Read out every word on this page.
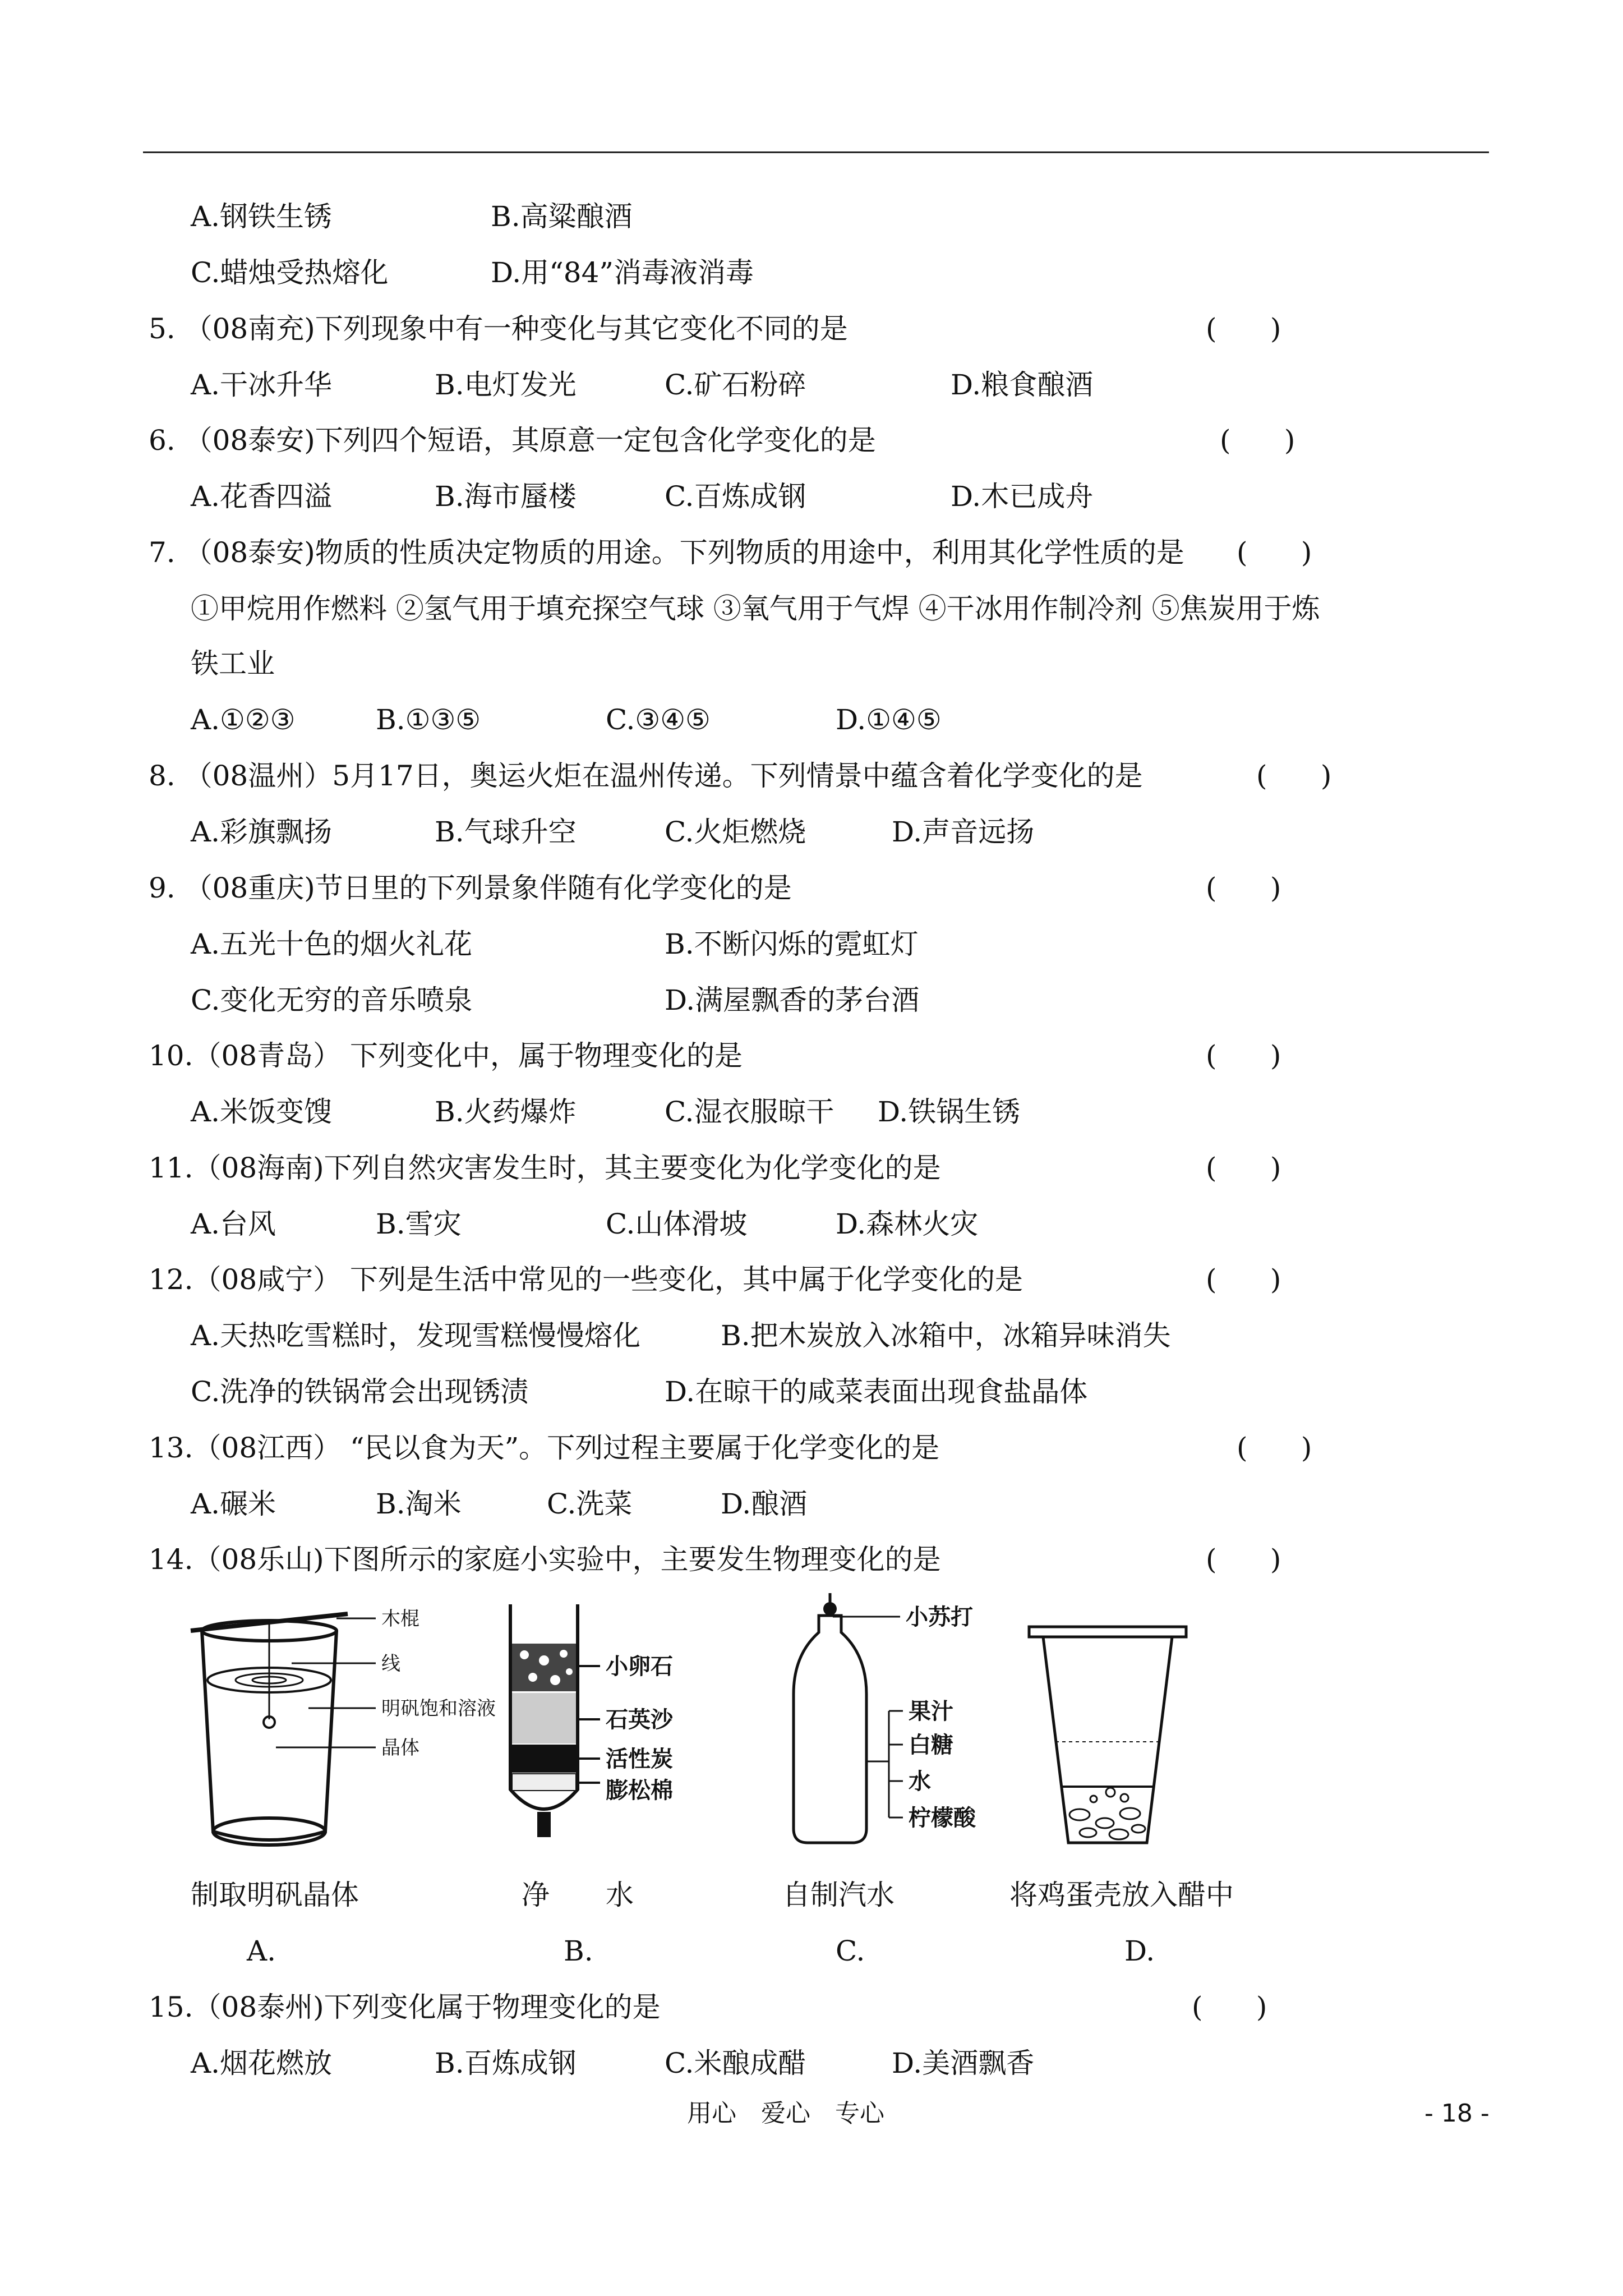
A.钢铁生锈	B.高粱酿酒
C.蜡烛受热熔化	D.用“84”消毒液消毒
5. （08南充)下列现象中有一种变化与其它变化不同的是	(      )
A.干冰升华	B.电灯发光	C.矿石粉碎	D.粮食酿酒
6. （08泰安)下列四个短语，其原意一定包含化学变化的是	(      )
A.花香四溢	B.海市蜃楼	C.百炼成钢	D.木已成舟
7. （08泰安)物质的性质决定物质的用途。下列物质的用途中，利用其化学性质的是 (      )
①甲烷用作燃料 ②氢气用于填充探空气球 ③氧气用于气焊 ④干冰用作制冷剂 ⑤焦炭用于炼
铁工业
A.①②③	B.①③⑤	C.③④⑤	D.①④⑤
8. （08温州）5月17日，奥运火炬在温州传递。下列情景中蕴含着化学变化的是	(      )
A.彩旗飘扬	B.气球升空	C.火炬燃烧	D.声音远扬
9. （08重庆)节日里的下列景象伴随有化学变化的是	(      )
A.五光十色的烟火礼花	B.不断闪烁的霓虹灯
C.变化无穷的音乐喷泉	D.满屋飘香的茅台酒
10.（08青岛） 下列变化中，属于物理变化的是	(      )
A.米饭变馊	B.火药爆炸	C.湿衣服晾干 D.铁锅生锈
11.（08海南)下列自然灾害发生时，其主要变化为化学变化的是	(      )
A.台风	B.雪灾	C.山体滑坡	D.森林火灾
12.（08咸宁） 下列是生活中常见的一些变化，其中属于化学变化的是	(      )
A.天热吃雪糕时，发现雪糕慢慢熔化	B.把木炭放入冰箱中，冰箱异味消失
C.洗净的铁锅常会出现锈渍	D.在晾干的咸菜表面出现食盐晶体
13.（08江西） “民以食为天”。下列过程主要属于化学变化的是	(      )
A.碾米	B.淘米	C.洗菜	D.酿酒
14.（08乐山)下图所示的家庭小实验中，主要发生物理变化的是	(      )
木棍
线
明矾饱和溶液
晶体
小卵石
石英沙
活性炭
膨松棉
小苏打
果汁
白糖
水
柠檬酸
制取明矾晶体	净　　水	自制汽水	将鸡蛋壳放入醋中
A.	B.	C.	D.
15.（08泰州)下列变化属于物理变化的是	(      )
A.烟花燃放	B.百炼成钢	C.米酿成醋	D.美酒飘香
用心　爱心　专心	- 18 -
